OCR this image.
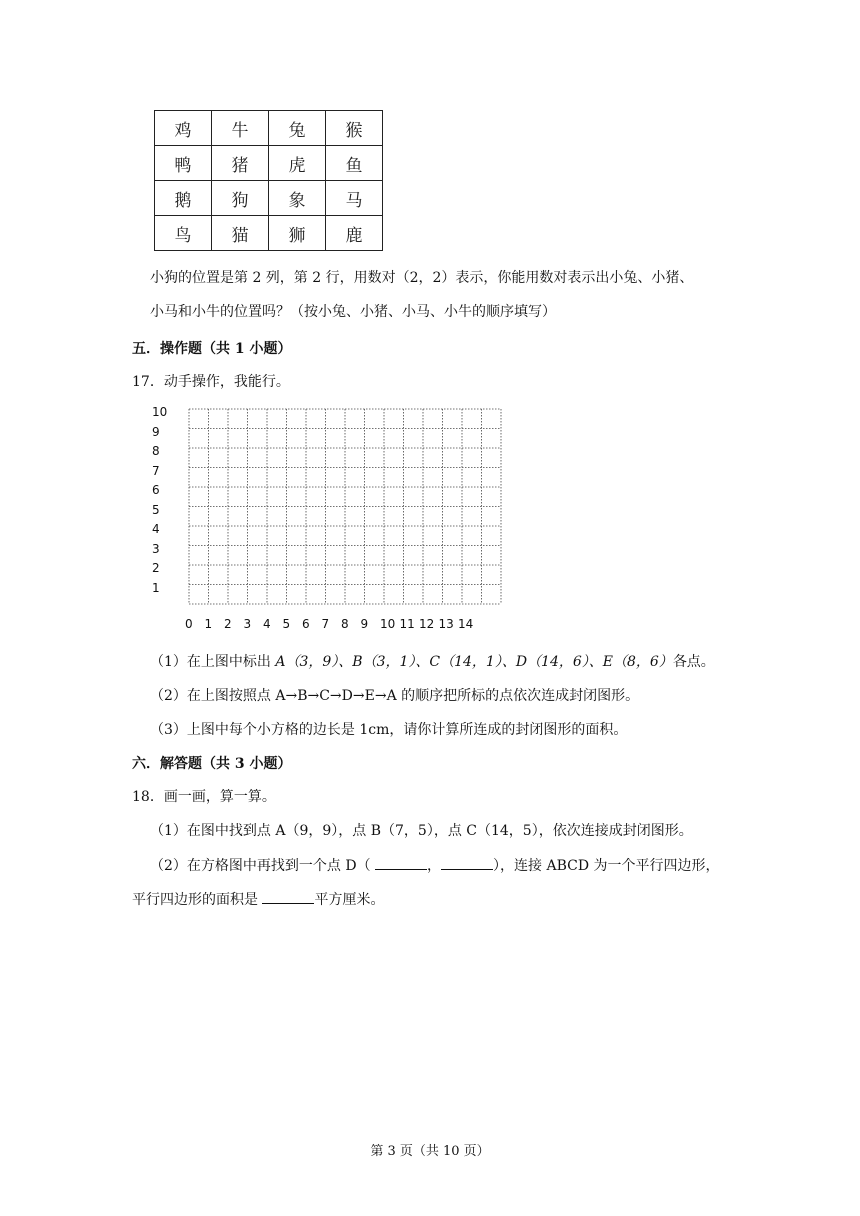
鸡	牛	兔	猴
鸭	猪	虎	鱼
鹅	狗	象	马
鸟	猫	狮	鹿
小狗的位置是第 2 列，第 2 行，用数对（2，2）表示，你能用数对表示出小兔、小猪、
小马和小牛的位置吗？（按小兔、小猪、小马、小牛的顺序填写）
五．操作题（共 1 小题）
17．动手操作，我能行。
10
9
8
7
6
5
4
3
2
1
0 1 2 3 4 5 6 7 8 9 10 11 12 13 14
（1）在上图中标出 A（3，9）、B（3，1）、C（14，1）、D（14，6）、E（8，6）各点。
（2）在上图按照点 A→B→C→D→E→A 的顺序把所标的点依次连成封闭图形。
（3）上图中每个小方格的边长是 1cm，请你计算所连成的封闭图形的面积。
六．解答题（共 3 小题）
18．画一画，算一算。
（1）在图中找到点 A（9，9），点 B（7，5），点 C（14，5），依次连接成封闭图形。
（2）在方格图中再找到一个点 D（	，	），连接 ABCD 为一个平行四边形，
平行四边形的面积是	平方厘米。
第 3 页（共 10 页）
